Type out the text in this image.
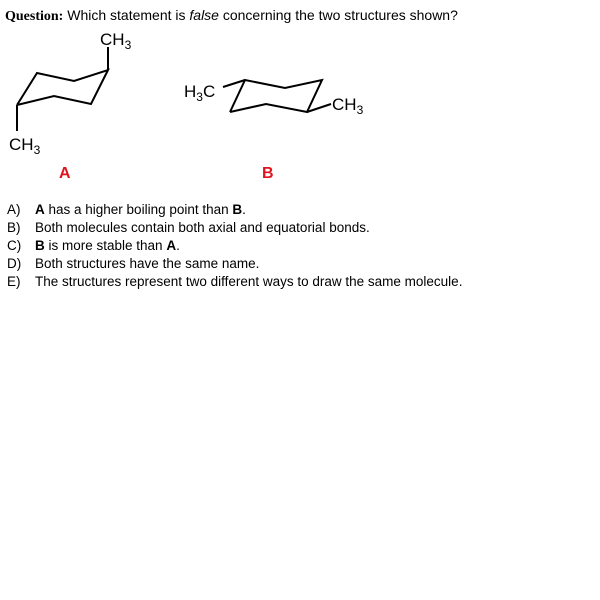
Question: Which statement is false concerning the two structures shown?
$CH_3$
$CH_3$
A
$H_3C$
$CH_3$
B
A) A has a higher boiling point than B.
B) Both molecules contain both axial and equatorial bonds.
C) B is more stable than A.
D) Both structures have the same name.
E) The structures represent two different ways to draw the same molecule.
